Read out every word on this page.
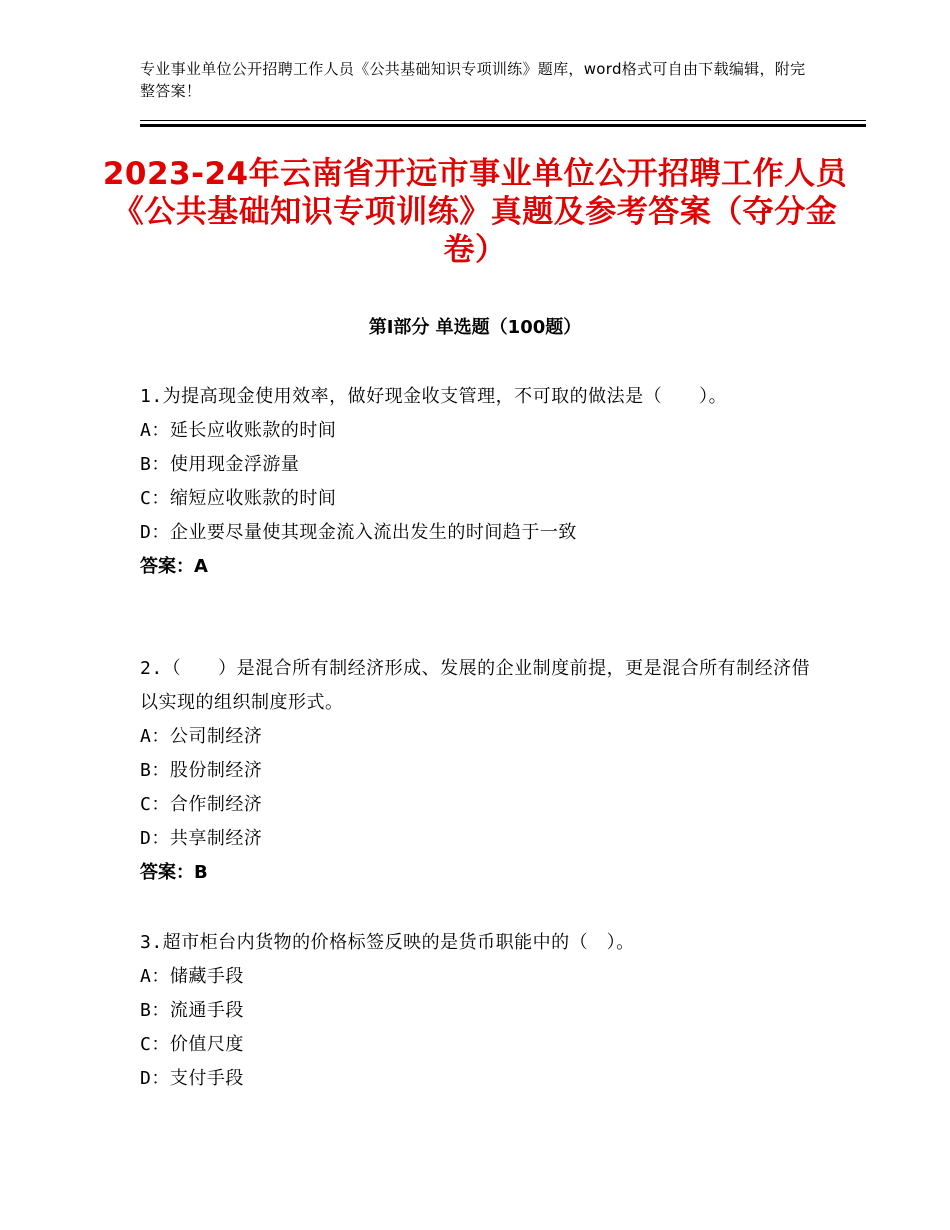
专业事业单位公开招聘工作人员《公共基础知识专项训练》题库，word格式可自由下载编辑，附完整答案！
2023-24年云南省开远市事业单位公开招聘工作人员《公共基础知识专项训练》真题及参考答案（夺分金卷）
第Ⅰ部分 单选题（100题）
1.为提高现金使用效率，做好现金收支管理，不可取的做法是（　　）。
A：延长应收账款的时间
B：使用现金浮游量
C：缩短应收账款的时间
D：企业要尽量使其现金流入流出发生的时间趋于一致
答案：A
2.（　　）是混合所有制经济形成、发展的企业制度前提，更是混合所有制经济借以实现的组织制度形式。
A：公司制经济
B：股份制经济
C：合作制经济
D：共享制经济
答案：B
3.超市柜台内货物的价格标签反映的是货币职能中的（　）。
A：储藏手段
B：流通手段
C：价值尺度
D：支付手段
